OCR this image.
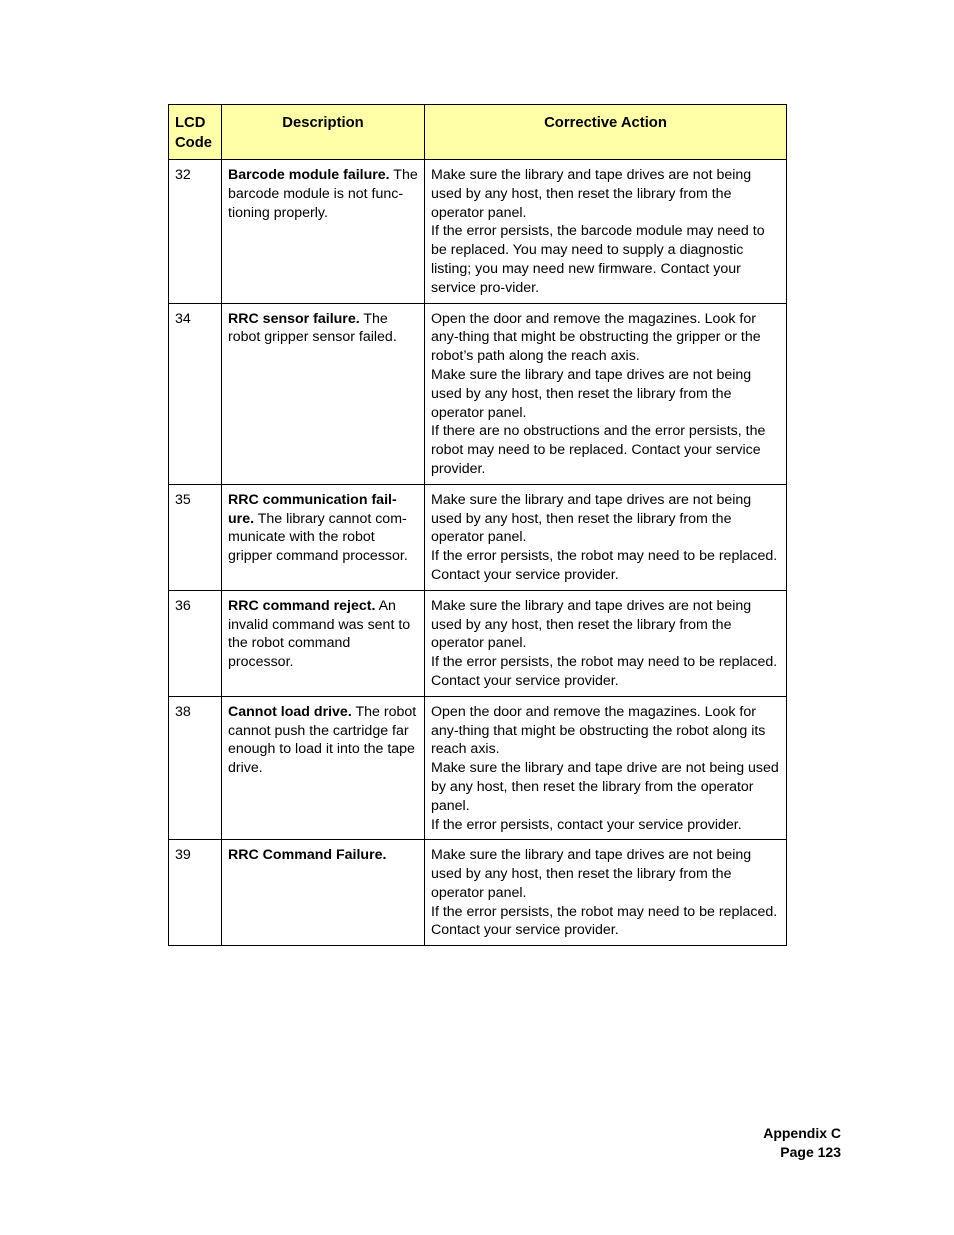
LCD
Code	Description	Corrective Action
32	Barcode module failure. The barcode module is not func-tioning properly.	Make sure the library and tape drives are not being used by any host, then reset the library from the operator panel.
If the error persists, the barcode module may need to be replaced. You may need to supply a diagnostic listing; you may need new firmware. Contact your service pro-vider.

34	RRC sensor failure. The robot gripper sensor failed.	Open the door and remove the magazines. Look for any-thing that might be obstructing the gripper or the robot’s path along the reach axis.
Make sure the library and tape drives are not being used by any host, then reset the library from the operator panel.
If there are no obstructions and the error persists, the robot may need to be replaced. Contact your service provider.

35	RRC communication fail-ure. The library cannot com-municate with the robot gripper command processor.	Make sure the library and tape drives are not being used by any host, then reset the library from the operator panel.
If the error persists, the robot may need to be replaced. Contact your service provider.

36	RRC command reject. An invalid command was sent to the robot command processor.	Make sure the library and tape drives are not being used by any host, then reset the library from the operator panel.
If the error persists, the robot may need to be replaced. Contact your service provider.

38	Cannot load drive. The robot cannot push the cartridge far enough to load it into the tape drive.	Open the door and remove the magazines. Look for any-thing that might be obstructing the robot along its reach axis.
Make sure the library and tape drive are not being used by any host, then reset the library from the operator panel.
If the error persists, contact your service provider.

39	RRC Command Failure.	Make sure the library and tape drives are not being used by any host, then reset the library from the operator panel.
If the error persists, the robot may need to be replaced. Contact your service provider.
Appendix C
Page 123
